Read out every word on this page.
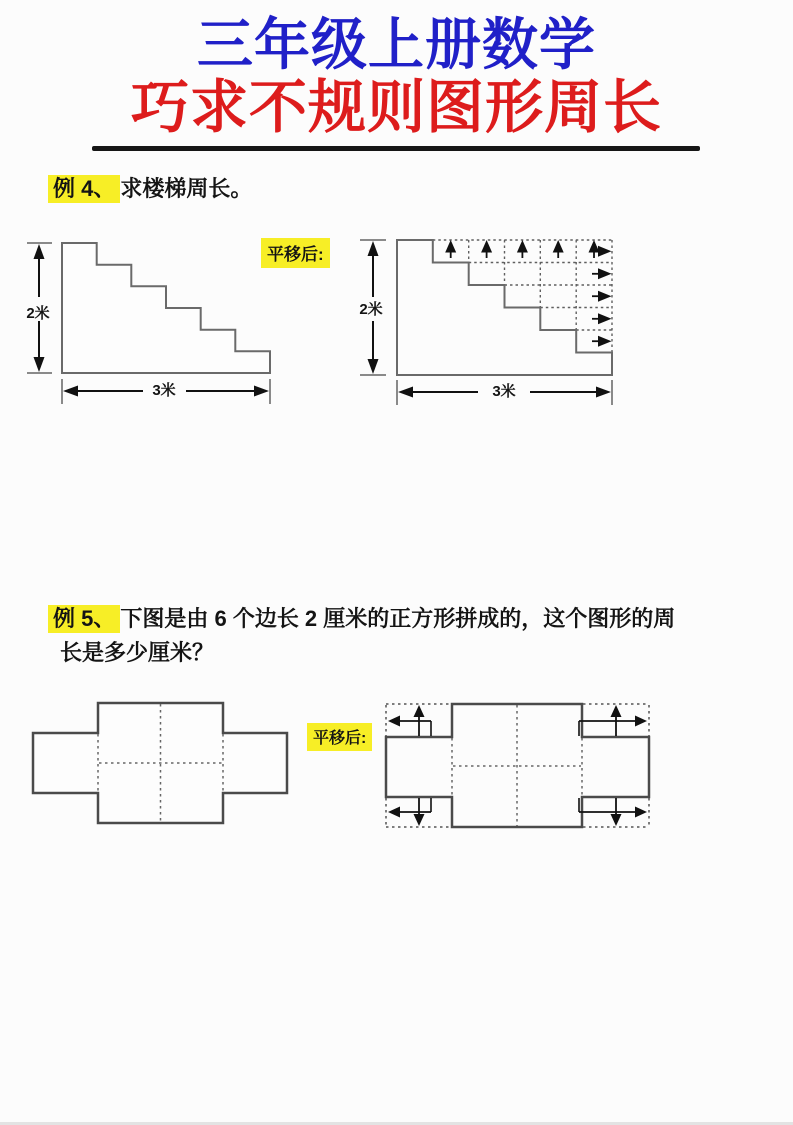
三年级上册数学
巧求不规则图形周长
例 4、 求楼梯周长。
2米
3米
平移后:
2米
3米
例 5、 下图是由 6 个边长 2 厘米的正方形拼成的，这个图形的周
长是多少厘米？
平移后:
